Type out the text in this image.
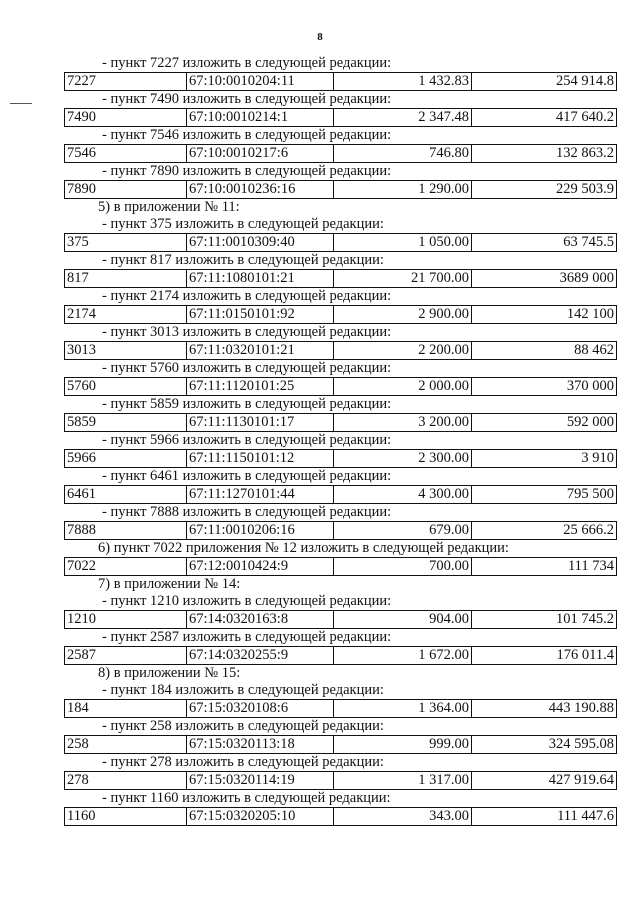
8
- пункт 7227 изложить в следующей редакции:
7227	67:10:0010204:11	1 432.83	254 914.8
- пункт 7490 изложить в следующей редакции:
7490	67:10:0010214:1	2 347.48	417 640.2
- пункт 7546 изложить в следующей редакции:
7546	67:10:0010217:6	746.80	132 863.2
- пункт 7890 изложить в следующей редакции:
7890	67:10:0010236:16	1 290.00	229 503.9
5) в приложении № 11:
- пункт 375 изложить в следующей редакции:
375	67:11:0010309:40	1 050.00	63 745.5
- пункт 817 изложить в следующей редакции:
817	67:11:1080101:21	21 700.00	3689 000
- пункт 2174 изложить в следующей редакции:
2174	67:11:0150101:92	2 900.00	142 100
- пункт 3013 изложить в следующей редакции:
3013	67:11:0320101:21	2 200.00	88 462
- пункт 5760 изложить в следующей редакции:
5760	67:11:1120101:25	2 000.00	370 000
- пункт 5859 изложить в следующей редакции:
5859	67:11:1130101:17	3 200.00	592 000
- пункт 5966 изложить в следующей редакции:
5966	67:11:1150101:12	2 300.00	3 910
- пункт 6461 изложить в следующей редакции:
6461	67:11:1270101:44	4 300.00	795 500
- пункт 7888 изложить в следующей редакции:
7888	67:11:0010206:16	679.00	25 666.2
6) пункт 7022 приложения № 12 изложить в следующей редакции:
7022	67:12:0010424:9	700.00	111 734
7) в приложении № 14:
- пункт 1210 изложить в следующей редакции:
1210	67:14:0320163:8	904.00	101 745.2
- пункт 2587 изложить в следующей редакции:
2587	67:14:0320255:9	1 672.00	176 011.4
8) в приложении № 15:
- пункт 184 изложить в следующей редакции:
184	67:15:0320108:6	1 364.00	443 190.88
- пункт 258 изложить в следующей редакции:
258	67:15:0320113:18	999.00	324 595.08
- пункт 278 изложить в следующей редакции:
278	67:15:0320114:19	1 317.00	427 919.64
- пункт 1160 изложить в следующей редакции:
1160	67:15:0320205:10	343.00	111 447.6
